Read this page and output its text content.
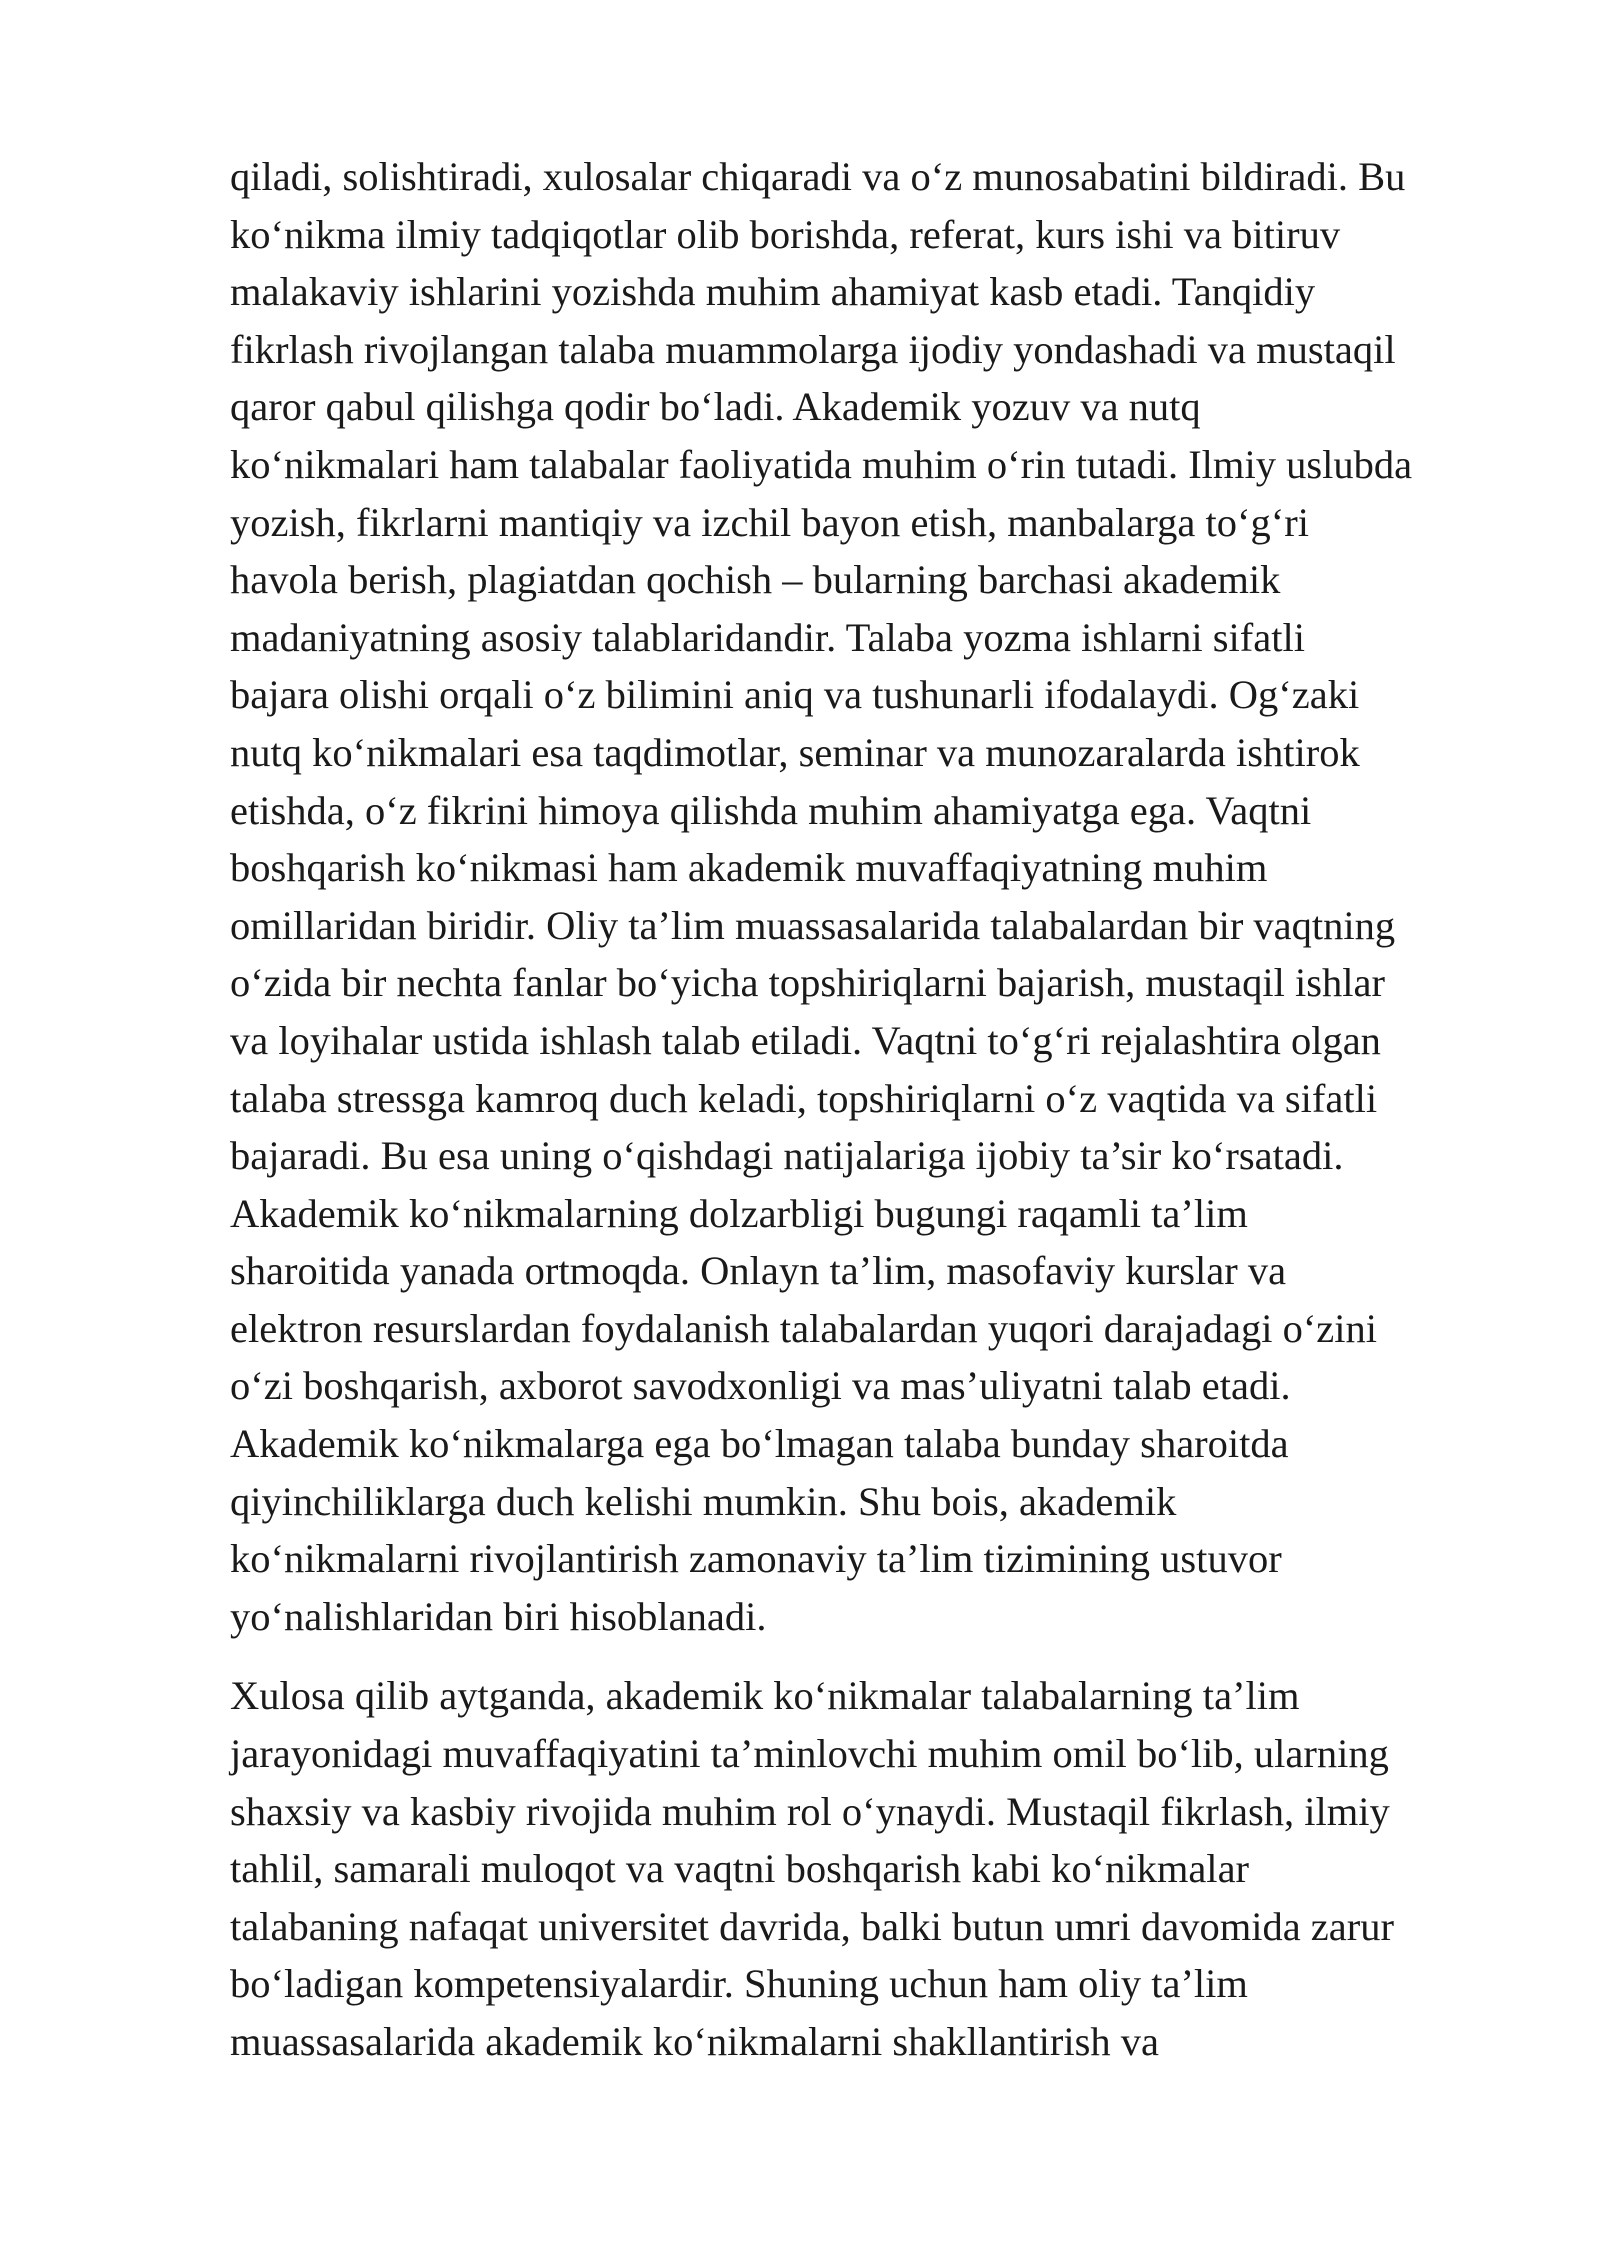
qiladi, solishtiradi, xulosalar chiqaradi va o‘z munosabatini bildiradi. Bu
ko‘nikma ilmiy tadqiqotlar olib borishda, referat, kurs ishi va bitiruv
malakaviy ishlarini yozishda muhim ahamiyat kasb etadi. Tanqidiy
fikrlash rivojlangan talaba muammolarga ijodiy yondashadi va mustaqil
qaror qabul qilishga qodir bo‘ladi. Akademik yozuv va nutq
ko‘nikmalari ham talabalar faoliyatida muhim o‘rin tutadi. Ilmiy uslubda
yozish, fikrlarni mantiqiy va izchil bayon etish, manbalarga to‘g‘ri
havola berish, plagiatdan qochish – bularning barchasi akademik
madaniyatning asosiy talablaridandir. Talaba yozma ishlarni sifatli
bajara olishi orqali o‘z bilimini aniq va tushunarli ifodalaydi. Og‘zaki
nutq ko‘nikmalari esa taqdimotlar, seminar va munozaralarda ishtirok
etishda, o‘z fikrini himoya qilishda muhim ahamiyatga ega. Vaqtni
boshqarish ko‘nikmasi ham akademik muvaffaqiyatning muhim
omillaridan biridir. Oliy ta’lim muassasalarida talabalardan bir vaqtning
o‘zida bir nechta fanlar bo‘yicha topshiriqlarni bajarish, mustaqil ishlar
va loyihalar ustida ishlash talab etiladi. Vaqtni to‘g‘ri rejalashtira olgan
talaba stressga kamroq duch keladi, topshiriqlarni o‘z vaqtida va sifatli
bajaradi. Bu esa uning o‘qishdagi natijalariga ijobiy ta’sir ko‘rsatadi.
Akademik ko‘nikmalarning dolzarbligi bugungi raqamli ta’lim
sharoitida yanada ortmoqda. Onlayn ta’lim, masofaviy kurslar va
elektron resurslardan foydalanish talabalardan yuqori darajadagi o‘zini
o‘zi boshqarish, axborot savodxonligi va mas’uliyatni talab etadi.
Akademik ko‘nikmalarga ega bo‘lmagan talaba bunday sharoitda
qiyinchiliklarga duch kelishi mumkin. Shu bois, akademik
ko‘nikmalarni rivojlantirish zamonaviy ta’lim tizimining ustuvor
yo‘nalishlaridan biri hisoblanadi.
Xulosa qilib aytganda, akademik ko‘nikmalar talabalarning ta’lim
jarayonidagi muvaffaqiyatini ta’minlovchi muhim omil bo‘lib, ularning
shaxsiy va kasbiy rivojida muhim rol o‘ynaydi. Mustaqil fikrlash, ilmiy
tahlil, samarali muloqot va vaqtni boshqarish kabi ko‘nikmalar
talabaning nafaqat universitet davrida, balki butun umri davomida zarur
bo‘ladigan kompetensiyalardir. Shuning uchun ham oliy ta’lim
muassasalarida akademik ko‘nikmalarni shakllantirish va
